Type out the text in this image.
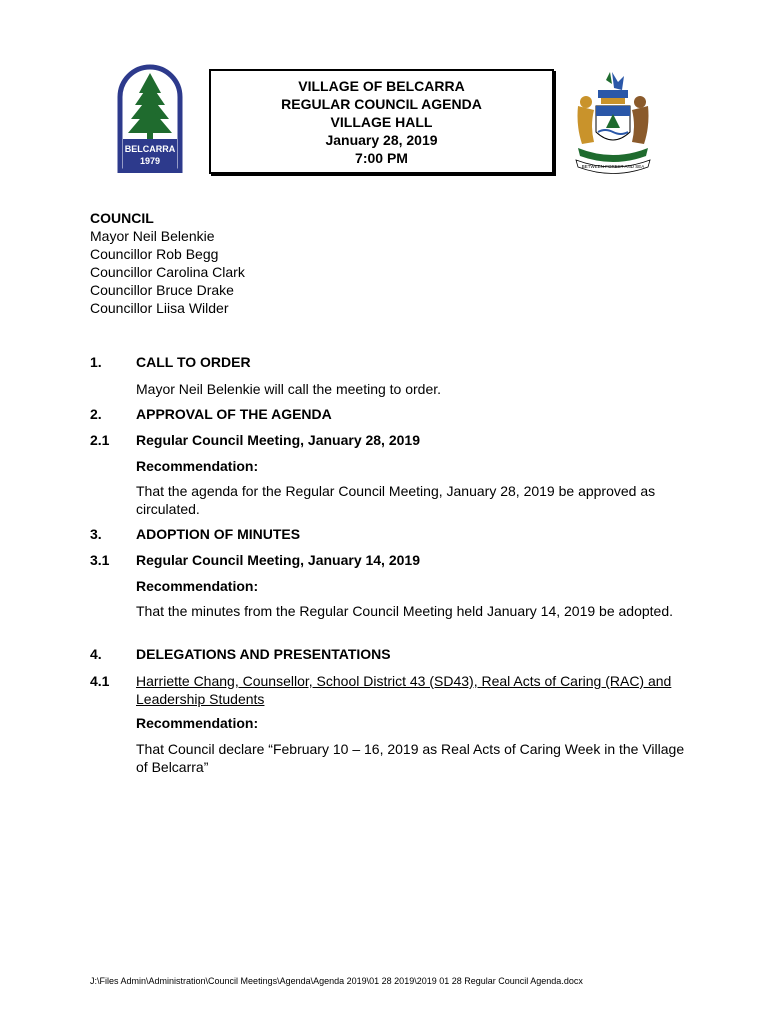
BELCARRA
1979
VILLAGE OF BELCARRA
REGULAR COUNCIL AGENDA
VILLAGE HALL
January 28, 2019
7:00 PM
BETWEEN FOREST AND SEA
COUNCIL
Mayor Neil Belenkie
Councillor Rob Begg
Councillor Carolina Clark
Councillor Bruce Drake
Councillor Liisa Wilder
1. CALL TO ORDER
Mayor Neil Belenkie will call the meeting to order.
2. APPROVAL OF THE AGENDA
2.1 Regular Council Meeting, January 28, 2019
Recommendation:
That the agenda for the Regular Council Meeting, January 28, 2019 be approved as circulated.
3. ADOPTION OF MINUTES
3.1 Regular Council Meeting, January 14, 2019
Recommendation:
That the minutes from the Regular Council Meeting held January 14, 2019 be adopted.
4. DELEGATIONS AND PRESENTATIONS
4.1 Harriette Chang, Counsellor, School District 43 (SD43), Real Acts of Caring (RAC) and Leadership Students
Recommendation:
That Council declare “February 10 – 16, 2019 as Real Acts of Caring Week in the Village of Belcarra”
J:\Files Admin\Administration\Council Meetings\Agenda\Agenda 2019\01 28 2019\2019 01 28 Regular Council Agenda.docx
